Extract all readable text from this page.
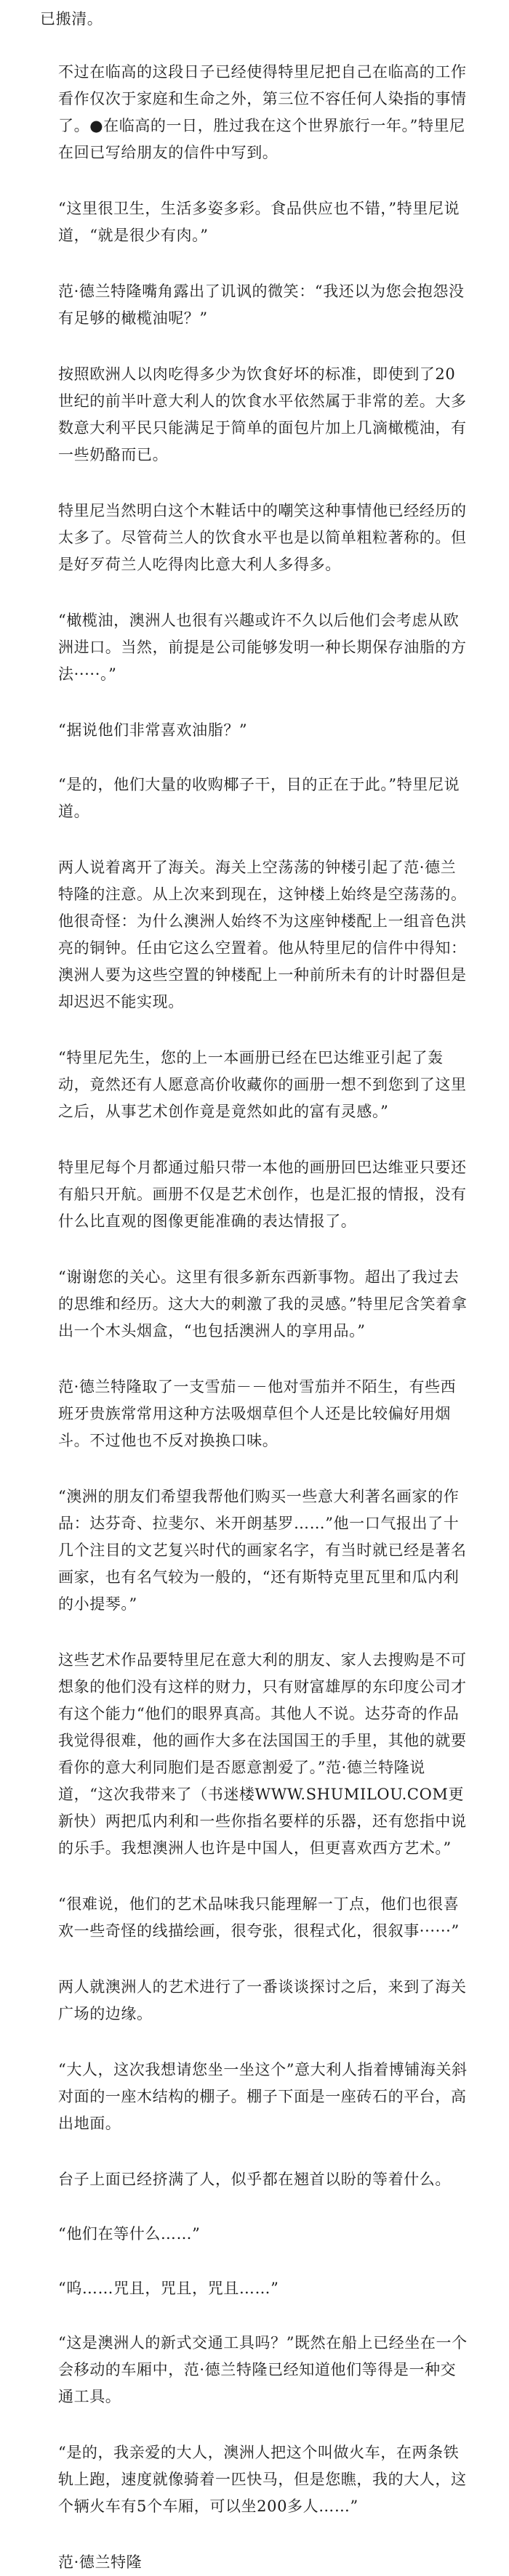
已搬清。

不过在临高的这段日子已经使得特里尼把自己在临高的工作看作仅次于家庭和生命之外，第三位不容任何人染指的事情了。●在临高的一日，胜过我在这个世界旅行一年。”特里尼在回已写给朋友的信件中写到。

“这里很卫生，生活多姿多彩。食品供应也不错，”特里尼说道，“就是很少有肉。”

范·德兰特隆嘴角露出了讥讽的微笑：“我还以为您会抱怨没有足够的橄榄油呢？”

按照欧洲人以肉吃得多少为饮食好坏的标准，即使到了20世纪的前半叶意大利人的饮食水平依然属于非常的差。大多数意大利平民只能满足于简单的面包片加上几滴橄榄油，有一些奶酪而已。

特里尼当然明白这个木鞋话中的嘲笑这种事情他已经经历的太多了。尽管荷兰人的饮食水平也是以简单粗粒著称的。但是好歹荷兰人吃得肉比意大利人多得多。

“橄榄油，澳洲人也很有兴趣或许不久以后他们会考虑从欧洲进口。当然，前提是公司能够发明一种长期保存油脂的方法·····。”

“据说他们非常喜欢油脂？”

“是的，他们大量的收购椰子干，目的正在于此。”特里尼说道。

两人说着离开了海关。海关上空荡荡的钟楼引起了范·德兰特隆的注意。从上次来到现在，这钟楼上始终是空荡荡的。他很奇怪：为什么澳洲人始终不为这座钟楼配上一组音色洪亮的铜钟。任由它这么空置着。他从特里尼的信件中得知：澳洲人要为这些空置的钟楼配上一种前所未有的计时器但是却迟迟不能实现。

“特里尼先生，您的上一本画册已经在巴达维亚引起了轰动，竟然还有人愿意高价收藏你的画册一想不到您到了这里之后，从事艺术创作竟是竟然如此的富有灵感。”

特里尼每个月都通过船只带一本他的画册回巴达维亚只要还有船只开航。画册不仅是艺术创作，也是汇报的情报，没有什么比直观的图像更能准确的表达情报了。

“谢谢您的关心。这里有很多新东西新事物。超出了我过去的思维和经历。这大大的刺激了我的灵感。”特里尼含笑着拿出一个木头烟盒，“也包括澳洲人的享用品。”

范·德兰特隆取了一支雪茄－－他对雪茄并不陌生，有些西班牙贵族常常用这种方法吸烟草但个人还是比较偏好用烟斗。不过他也不反对换换口味。

“澳洲的朋友们希望我帮他们购买一些意大利著名画家的作品：达芬奇、拉斐尔、米开朗基罗……”他一口气报出了十几个注目的文艺复兴时代的画家名字，有当时就已经是著名画家，也有名气较为一般的，“还有斯特克里瓦里和瓜内利的小提琴。”

这些艺术作品要特里尼在意大利的朋友、家人去搜购是不可想象的他们没有这样的财力，只有财富雄厚的东印度公司才有这个能力“他们的眼界真高。其他人不说。达芬奇的作品我觉得很难，他的画作大多在法国国王的手里，其他的就要看你的意大利同胞们是否愿意割爱了。”范·德兰特隆说道，“这次我带来了（书迷楼WWW.SHUMILOU.COM更新快）两把瓜内利和一些你指名要样的乐器，还有您指中说的乐手。我想澳洲人也许是中国人，但更喜欢西方艺术。”

“很难说，他们的艺术品味我只能理解一丁点，他们也很喜欢一些奇怪的线描绘画，很夸张，很程式化，很叙事······”

两人就澳洲人的艺术进行了一番谈谈探讨之后，来到了海关广场的边缘。

“大人，这次我想请您坐一坐这个”意大利人指着博铺海关斜对面的一座木结构的棚子。棚子下面是一座砖石的平台，高出地面。

台子上面已经挤满了人，似乎都在翘首以盼的等着什么。

“他们在等什么……”

“呜……咒且，咒且，咒且……”

“这是澳洲人的新式交通工具吗？”既然在船上已经坐在一个会移动的车厢中，范·德兰特隆已经知道他们等得是一种交通工具。

“是的，我亲爱的大人，澳洲人把这个叫做火车，在两条铁轨上跑，速度就像骑着一匹快马，但是您瞧，我的大人，这个辆火车有5个车厢，可以坐200多人……”

范·德兰特隆
